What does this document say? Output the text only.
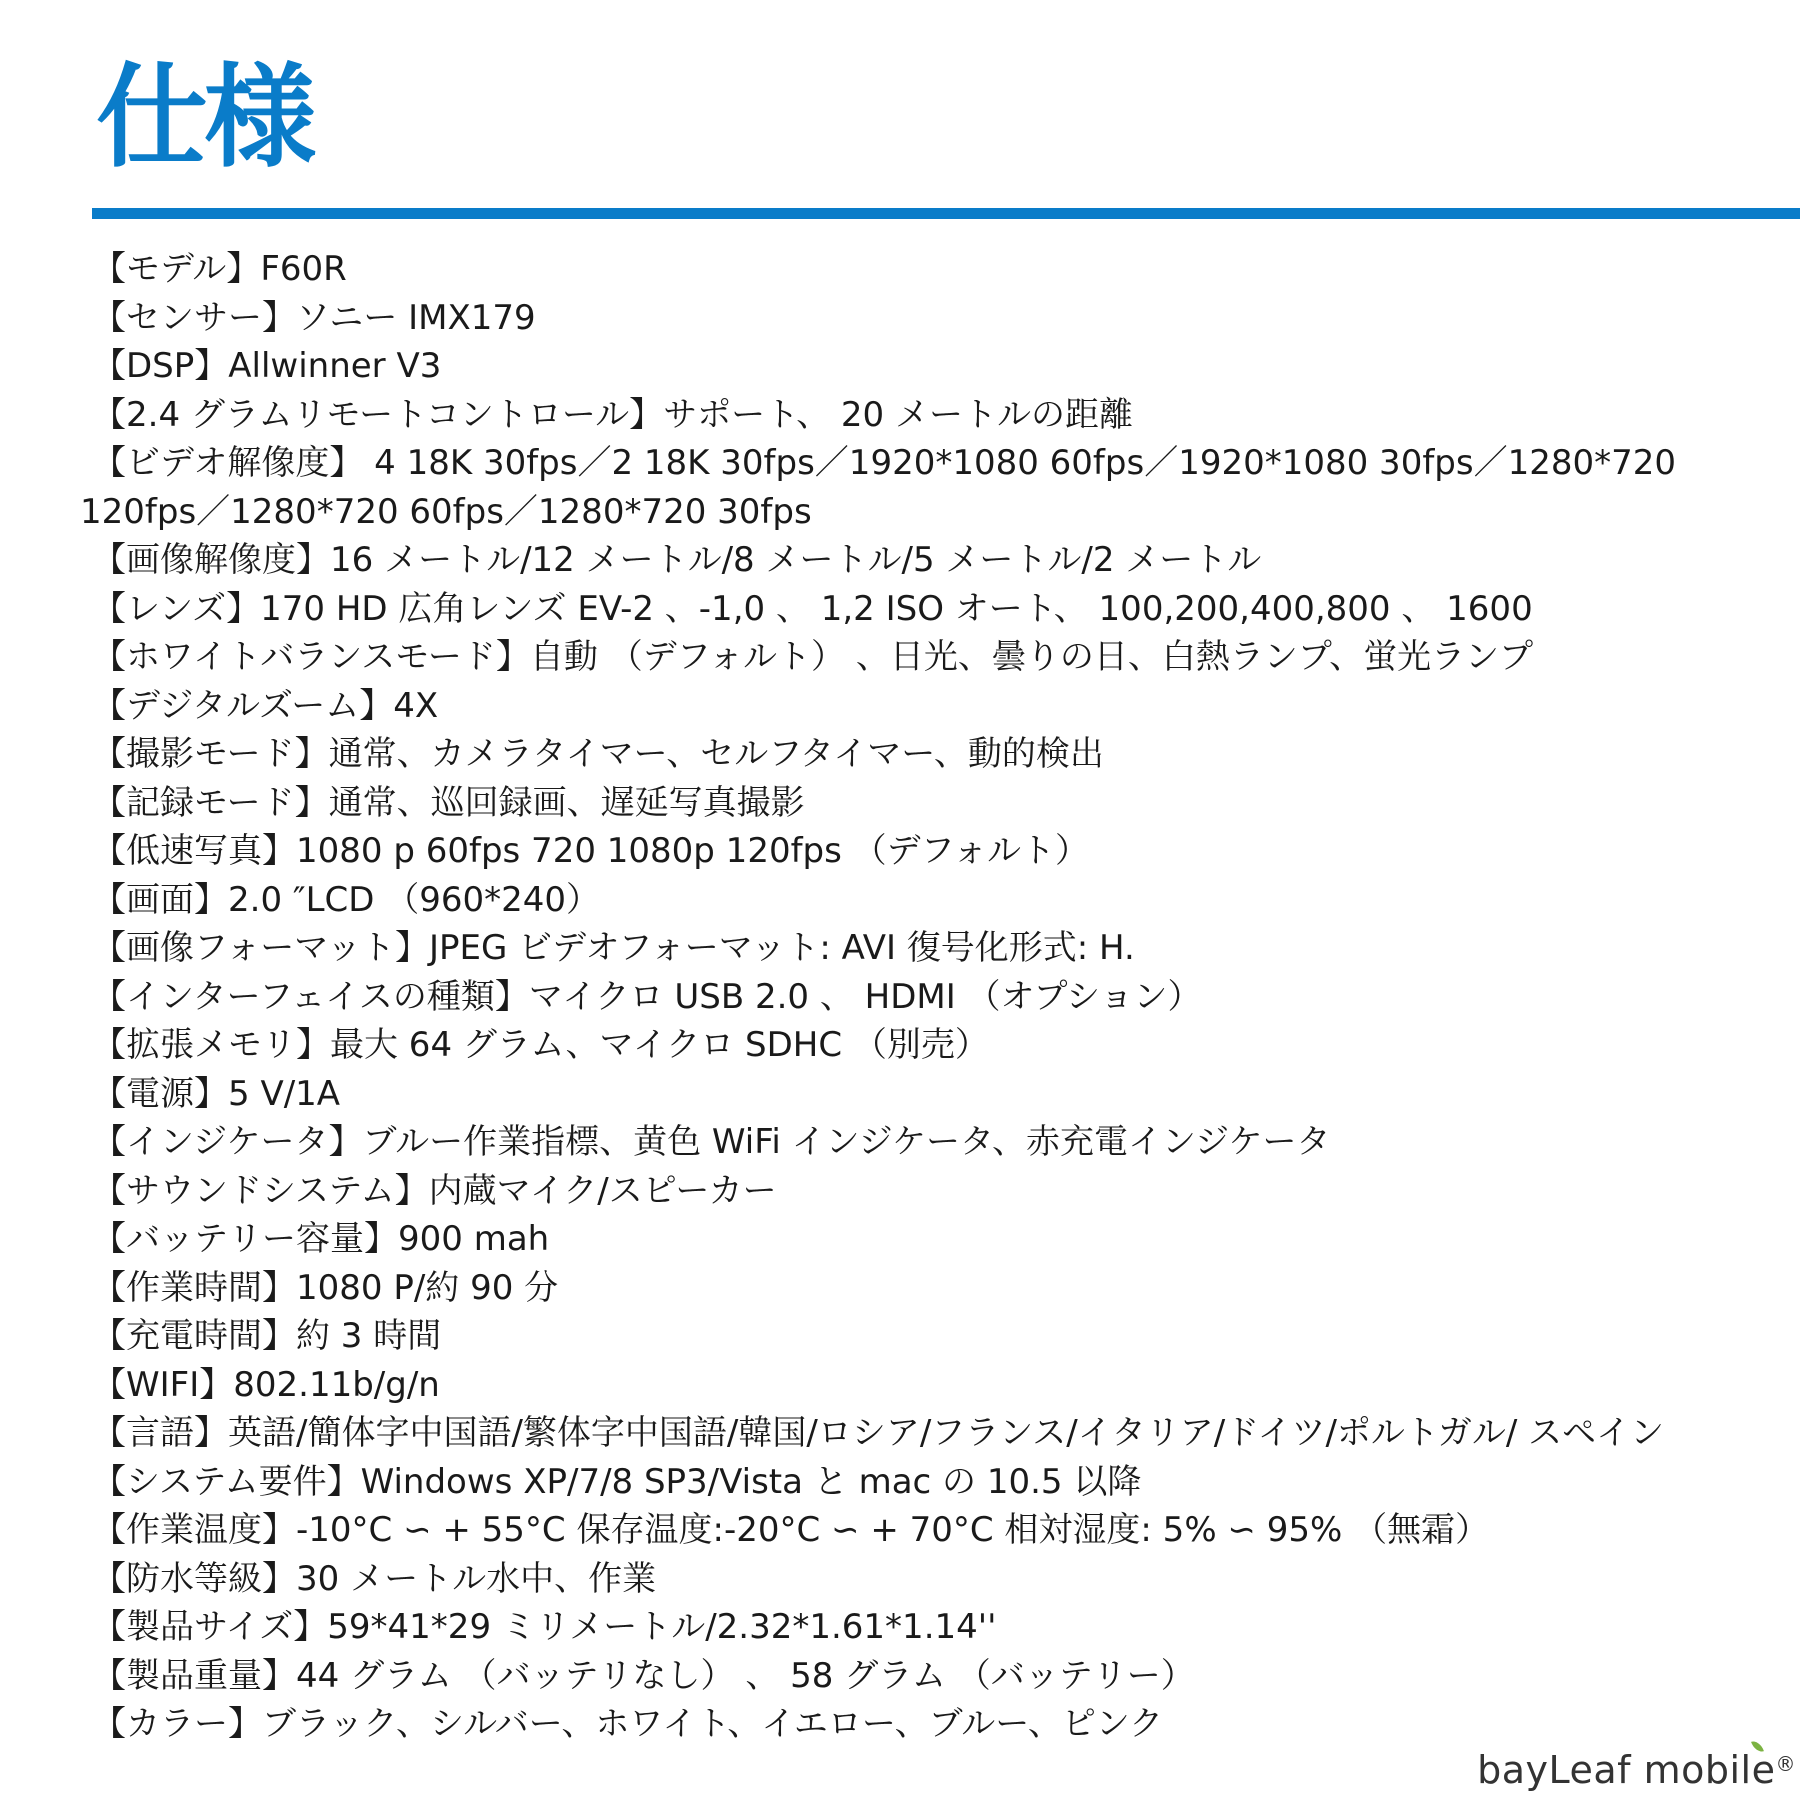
仕様
【モデル】F60R
【センサー】ソニー IMX179
【DSP】Allwinner V3
【2.4 グラムリモートコントロール】サポート、 20 メートルの距離
【ビデオ解像度】 4 18K 30fps／2 18K 30fps／1920*1080 60fps／1920*1080 30fps／1280*720 120fps／1280*720 60fps／1280*720 30fps
【画像解像度】16 メートル/12 メートル/8 メートル/5 メートル/2 メートル
【レンズ】170 HD 広角レンズ EV-2 、-1,0 、 1,2 ISO オート、 100,200,400,800 、 1600
【ホワイトバランスモード】自動 （デフォルト） 、日光、曇りの日、白熱ランプ、蛍光ランプ
【デジタルズーム】4X
【撮影モード】通常、カメラタイマー、セルフタイマー、動的検出
【記録モード】通常、巡回録画、遅延写真撮影
【低速写真】1080 p 60fps 720 1080p 120fps （デフォルト）
【画面】2.0 ″LCD （960*240）
【画像フォーマット】JPEG ビデオフォーマット: AVI 復号化形式: H.
【インターフェイスの種類】マイクロ USB 2.0 、 HDMI （オプション）
【拡張メモリ】最大 64 グラム、マイクロ SDHC （別売）
【電源】5 V/1A
【インジケータ】ブルー作業指標、黄色 WiFi インジケータ、赤充電インジケータ
【サウンドシステム】内蔵マイク/スピーカー
【バッテリー容量】900 mah
【作業時間】1080 P/約 90 分
【充電時間】約 3 時間
【WIFI】802.11b/g/n
【言語】英語/簡体字中国語/繁体字中国語/韓国/ロシア/フランス/イタリア/ドイツ/ポルトガル/ スペイン
【システム要件】Windows XP/7/8 SP3/Vista と mac の 10.5 以降
【作業温度】-10°C ∽ + 55°C 保存温度:-20°C ∽ + 70°C 相対湿度: 5% ∽ 95% （無霜）
【防水等級】30 メートル水中、作業
【製品サイズ】59*41*29 ミリメートル/2.32*1.61*1.14''
【製品重量】44 グラム （バッテリなし） 、 58 グラム （バッテリー）
【カラー】ブラック、シルバー、ホワイト、イエロー、ブルー、ピンク
bayLeaf mobile®
